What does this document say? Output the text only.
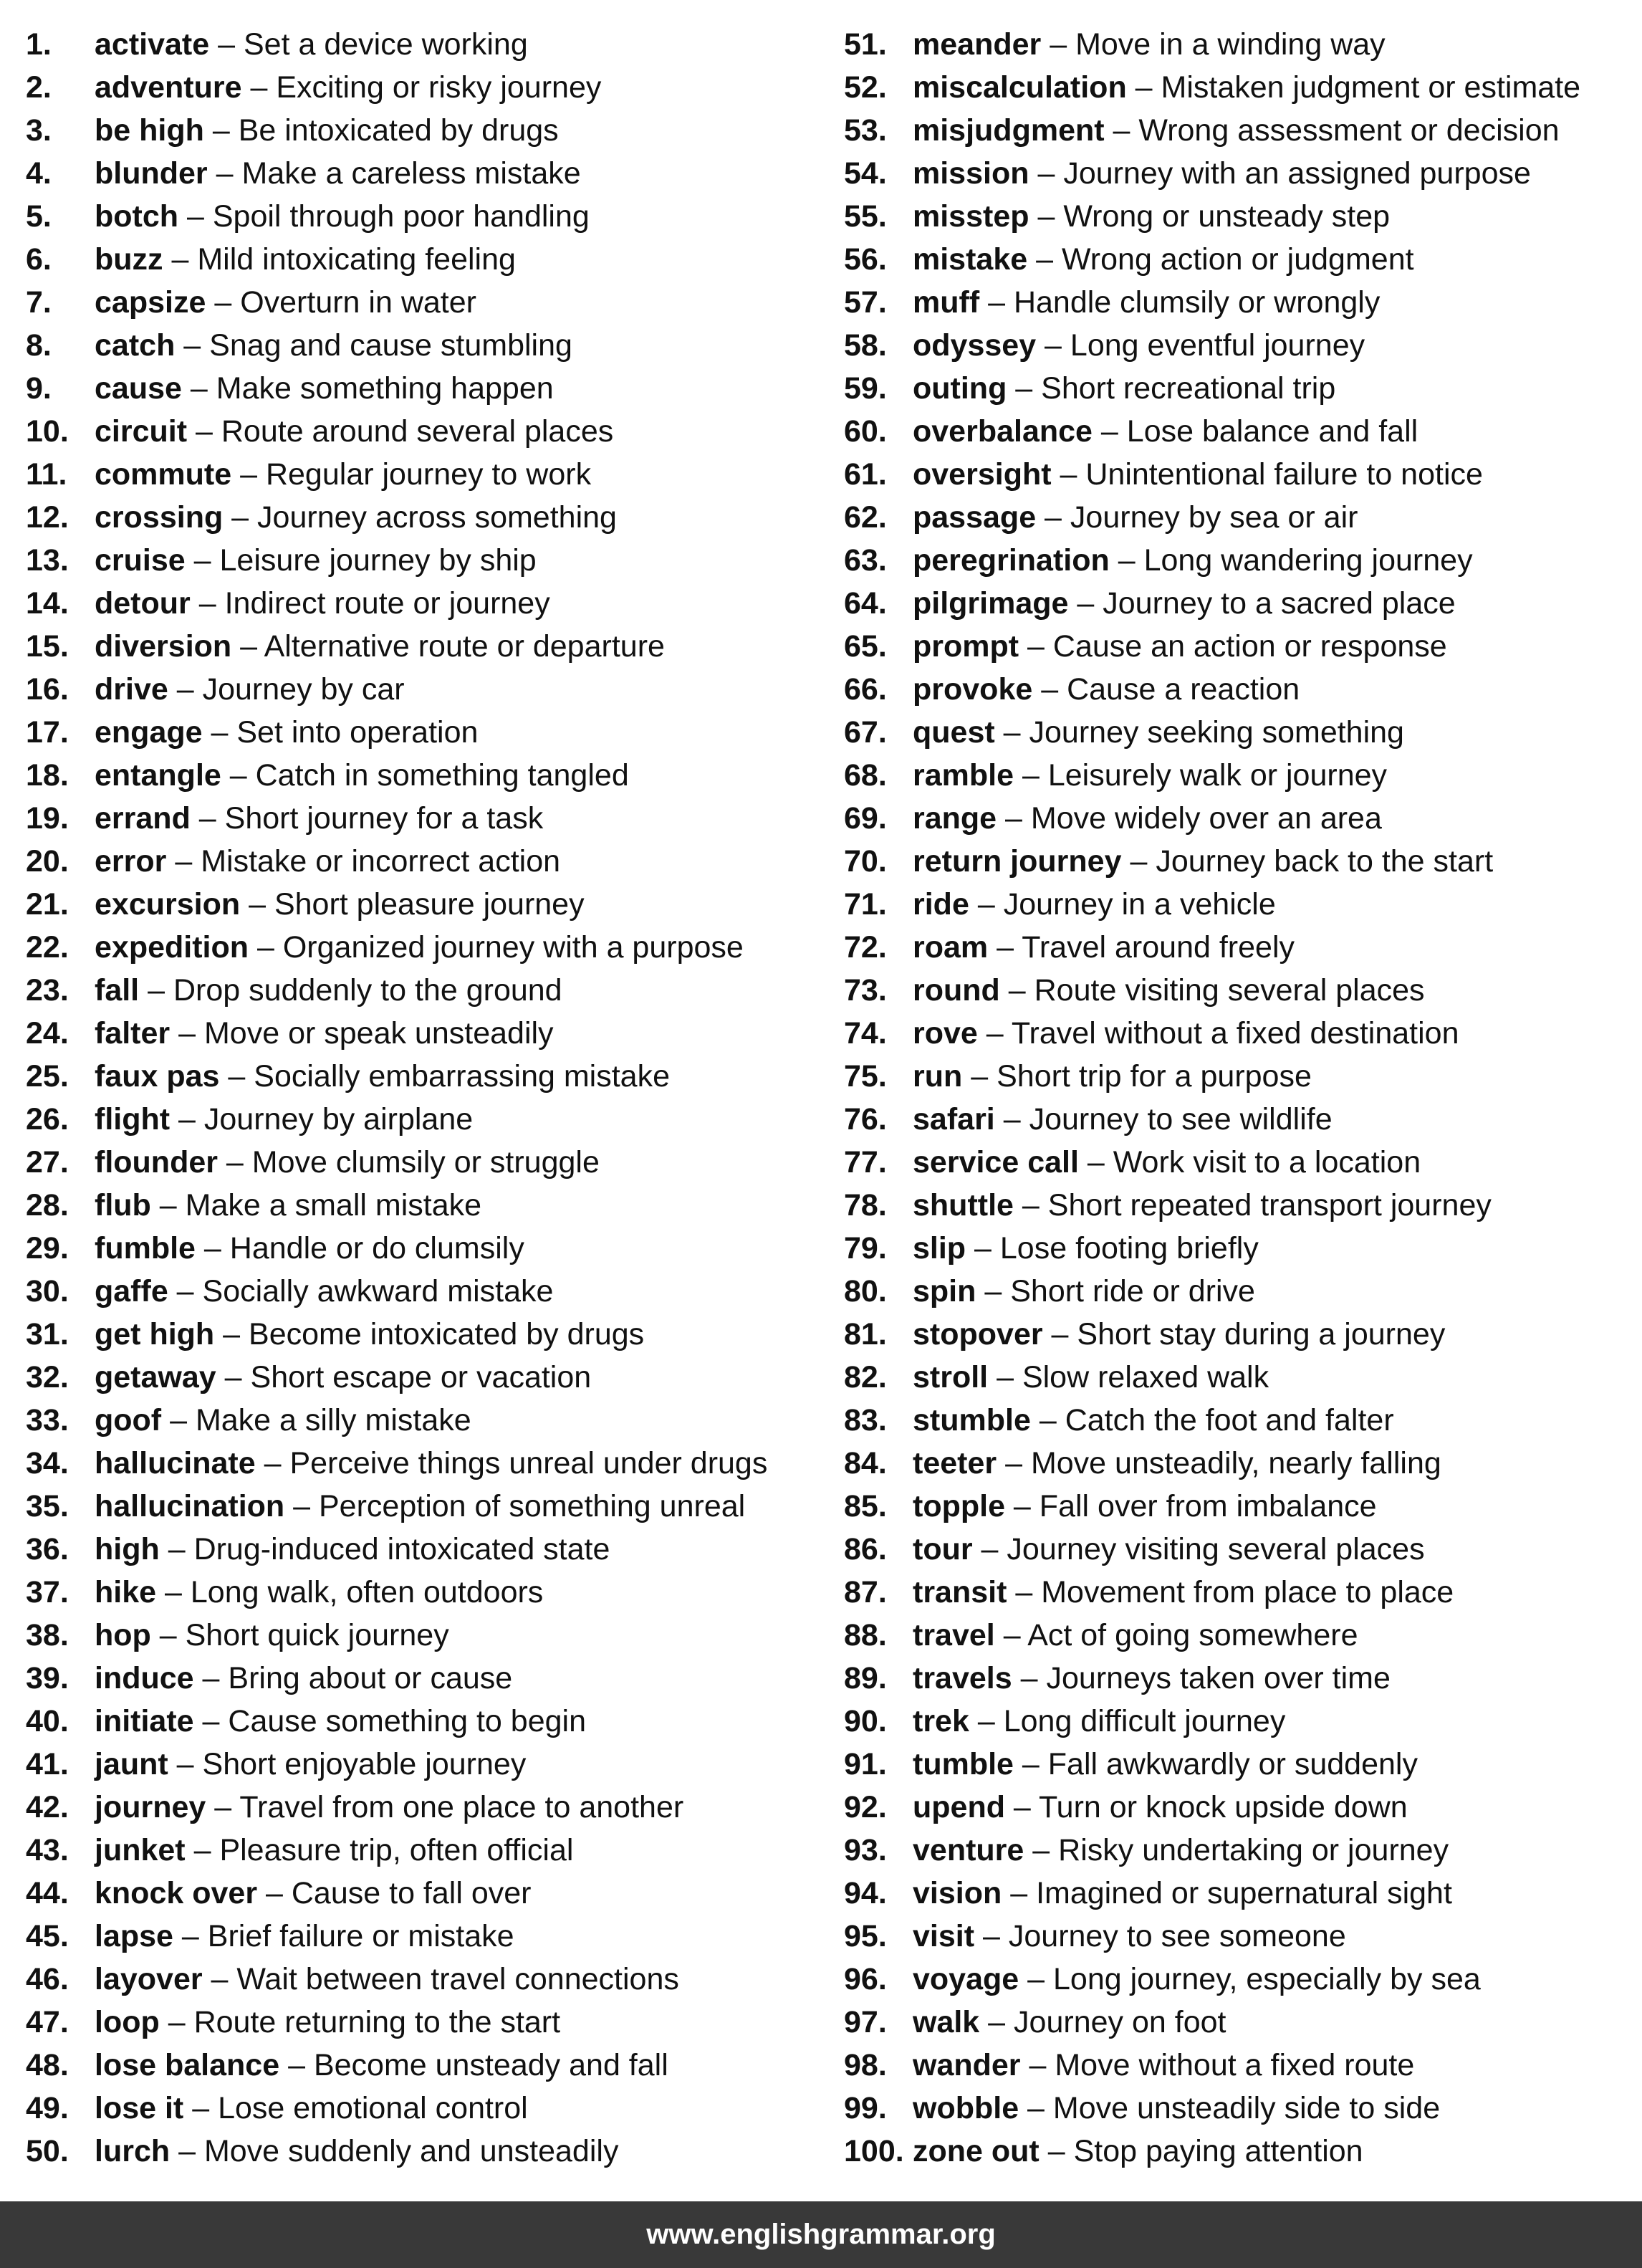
1. activate – Set a device working
2. adventure – Exciting or risky journey
3. be high – Be intoxicated by drugs
4. blunder – Make a careless mistake
5. botch – Spoil through poor handling
6. buzz – Mild intoxicating feeling
7. capsize – Overturn in water
8. catch – Snag and cause stumbling
9. cause – Make something happen
10. circuit – Route around several places
11. commute – Regular journey to work
12. crossing – Journey across something
13. cruise – Leisure journey by ship
14. detour – Indirect route or journey
15. diversion – Alternative route or departure
16. drive – Journey by car
17. engage – Set into operation
18. entangle – Catch in something tangled
19. errand – Short journey for a task
20. error – Mistake or incorrect action
21. excursion – Short pleasure journey
22. expedition – Organized journey with a purpose
23. fall – Drop suddenly to the ground
24. falter – Move or speak unsteadily
25. faux pas – Socially embarrassing mistake
26. flight – Journey by airplane
27. flounder – Move clumsily or struggle
28. flub – Make a small mistake
29. fumble – Handle or do clumsily
30. gaffe – Socially awkward mistake
31. get high – Become intoxicated by drugs
32. getaway – Short escape or vacation
33. goof – Make a silly mistake
34. hallucinate – Perceive things unreal under drugs
35. hallucination – Perception of something unreal
36. high – Drug-induced intoxicated state
37. hike – Long walk, often outdoors
38. hop – Short quick journey
39. induce – Bring about or cause
40. initiate – Cause something to begin
41. jaunt – Short enjoyable journey
42. journey – Travel from one place to another
43. junket – Pleasure trip, often official
44. knock over – Cause to fall over
45. lapse – Brief failure or mistake
46. layover – Wait between travel connections
47. loop – Route returning to the start
48. lose balance – Become unsteady and fall
49. lose it – Lose emotional control
50. lurch – Move suddenly and unsteadily
51. meander – Move in a winding way
52. miscalculation – Mistaken judgment or estimate
53. misjudgment – Wrong assessment or decision
54. mission – Journey with an assigned purpose
55. misstep – Wrong or unsteady step
56. mistake – Wrong action or judgment
57. muff – Handle clumsily or wrongly
58. odyssey – Long eventful journey
59. outing – Short recreational trip
60. overbalance – Lose balance and fall
61. oversight – Unintentional failure to notice
62. passage – Journey by sea or air
63. peregrination – Long wandering journey
64. pilgrimage – Journey to a sacred place
65. prompt – Cause an action or response
66. provoke – Cause a reaction
67. quest – Journey seeking something
68. ramble – Leisurely walk or journey
69. range – Move widely over an area
70. return journey – Journey back to the start
71. ride – Journey in a vehicle
72. roam – Travel around freely
73. round – Route visiting several places
74. rove – Travel without a fixed destination
75. run – Short trip for a purpose
76. safari – Journey to see wildlife
77. service call – Work visit to a location
78. shuttle – Short repeated transport journey
79. slip – Lose footing briefly
80. spin – Short ride or drive
81. stopover – Short stay during a journey
82. stroll – Slow relaxed walk
83. stumble – Catch the foot and falter
84. teeter – Move unsteadily, nearly falling
85. topple – Fall over from imbalance
86. tour – Journey visiting several places
87. transit – Movement from place to place
88. travel – Act of going somewhere
89. travels – Journeys taken over time
90. trek – Long difficult journey
91. tumble – Fall awkwardly or suddenly
92. upend – Turn or knock upside down
93. venture – Risky undertaking or journey
94. vision – Imagined or supernatural sight
95. visit – Journey to see someone
96. voyage – Long journey, especially by sea
97. walk – Journey on foot
98. wander – Move without a fixed route
99. wobble – Move unsteadily side to side
100. zone out – Stop paying attention
www.englishgrammar.org
